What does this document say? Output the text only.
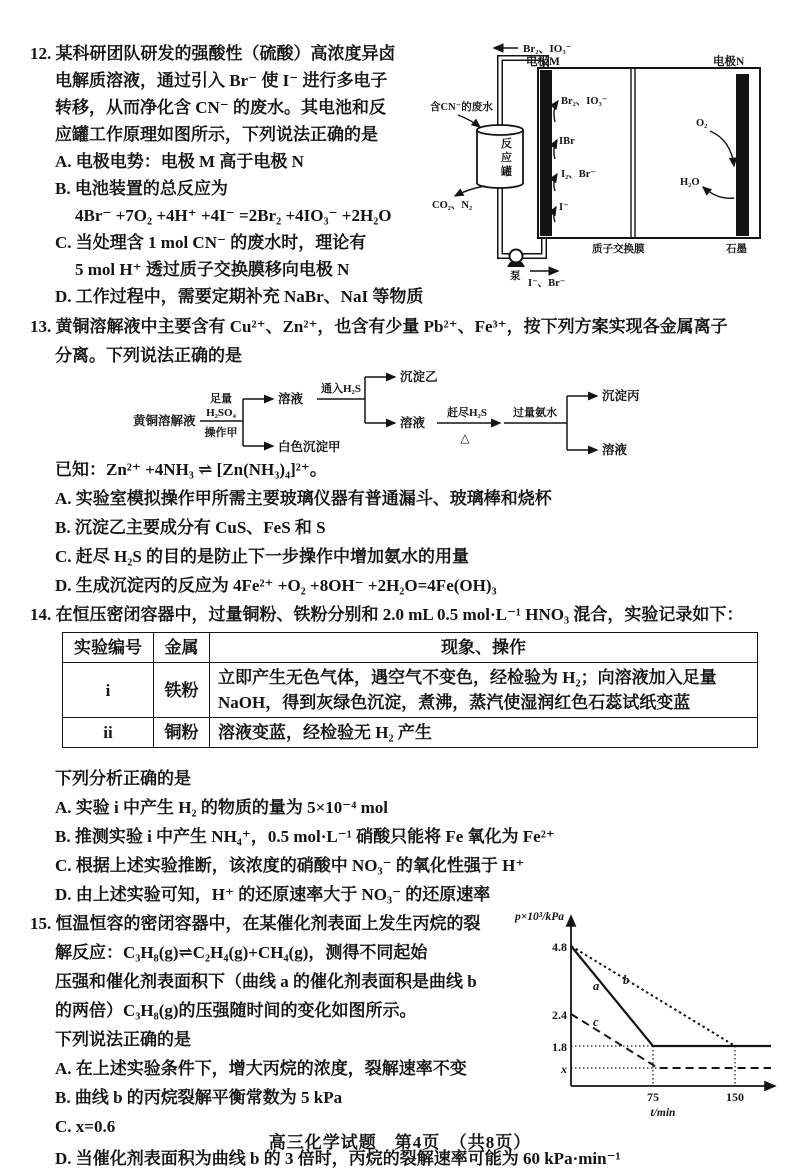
12. 某科研团队研发的强酸性（硫酸）高浓度异卤
电解质溶液，通过引入 Br⁻ 使 I⁻ 进行多电子
转移，从而净化含 CN⁻ 的废水。其电池和反
应罐工作原理如图所示，下列说法正确的是
A. 电极电势：电极 M 高于电极 N
B. 电池装置的总反应为
4Br⁻ +7O₂ +4H⁺ +4I⁻ =2Br₂ +4IO₃⁻ +2H₂O
C. 当处理含 1 mol CN⁻ 的废水时，理论有
5 mol H⁺ 透过质子交换膜移向电极 N
D. 工作过程中，需要定期补充 NaBr、NaI 等物质
Br₂、IO₃⁻
电极M	电极N
Br₂、IO₃⁻
IBr
I₂、Br⁻
I⁻
O₂
H₂O
反
应
罐
含CN⁻的废水
CO₂、N₂
泵
I⁻、Br⁻
质子交换膜	石墨
13. 黄铜溶解液中主要含有 Cu²⁺、Zn²⁺，也含有少量 Pb²⁺、Fe³⁺，按下列方案实现各金属离子
分离。下列说法正确的是
黄铜溶解液
足量
H₂SO₄
操作甲
溶液
白色沉淀甲
通入H₂S
沉淀乙
溶液
赶尽H₂S
△
过量氨水
沉淀丙
溶液
已知：Zn²⁺ +4NH₃ ⇌ [Zn(NH₃)₄]²⁺。
A. 实验室模拟操作甲所需主要玻璃仪器有普通漏斗、玻璃棒和烧杯
B. 沉淀乙主要成分有 CuS、FeS 和 S
C. 赶尽 H₂S 的目的是防止下一步操作中增加氨水的用量
D. 生成沉淀丙的反应为 4Fe²⁺ +O₂ +8OH⁻ +2H₂O=4Fe(OH)₃
14. 在恒压密闭容器中，过量铜粉、铁粉分别和 2.0 mL 0.5 mol·L⁻¹ HNO₃ 混合，实验记录如下：
实验编号	金属	现象、操作
i	铁粉	立即产生无色气体，遇空气不变色，经检验为 H₂；向溶液加入足量 NaOH，得到灰绿色沉淀，煮沸，蒸汽使湿润红色石蕊试纸变蓝
ii	铜粉	溶液变蓝，经检验无 H₂ 产生
下列分析正确的是
A. 实验 i 中产生 H₂ 的物质的量为 5×10⁻⁴ mol
B. 推测实验 i 中产生 NH₄⁺，0.5 mol·L⁻¹ 硝酸只能将 Fe 氧化为 Fe²⁺
C. 根据上述实验推断，该浓度的硝酸中 NO₃⁻ 的氧化性强于 H⁺
D. 由上述实验可知，H⁺ 的还原速率大于 NO₃⁻ 的还原速率
15. 恒温恒容的密闭容器中，在某催化剂表面上发生丙烷的裂
解反应：C₃H₈(g)⇌C₂H₄(g)+CH₄(g)，测得不同起始
压强和催化剂表面积下（曲线 a 的催化剂表面积是曲线 b
的两倍）C₃H₈(g)的压强随时间的变化如图所示。
下列说法正确的是
A. 在上述实验条件下，增大丙烷的浓度，裂解速率不变
B. 曲线 b 的丙烷裂解平衡常数为 5 kPa
C. x=0.6
D. 当催化剂表面积为曲线 b 的 3 倍时，丙烷的裂解速率可能为 60 kPa·min⁻¹
p×10³/kPa
a b
c
4.8
2.4
1.8
x
75	150
t/min
高三化学试题　第4页　（共8页）
